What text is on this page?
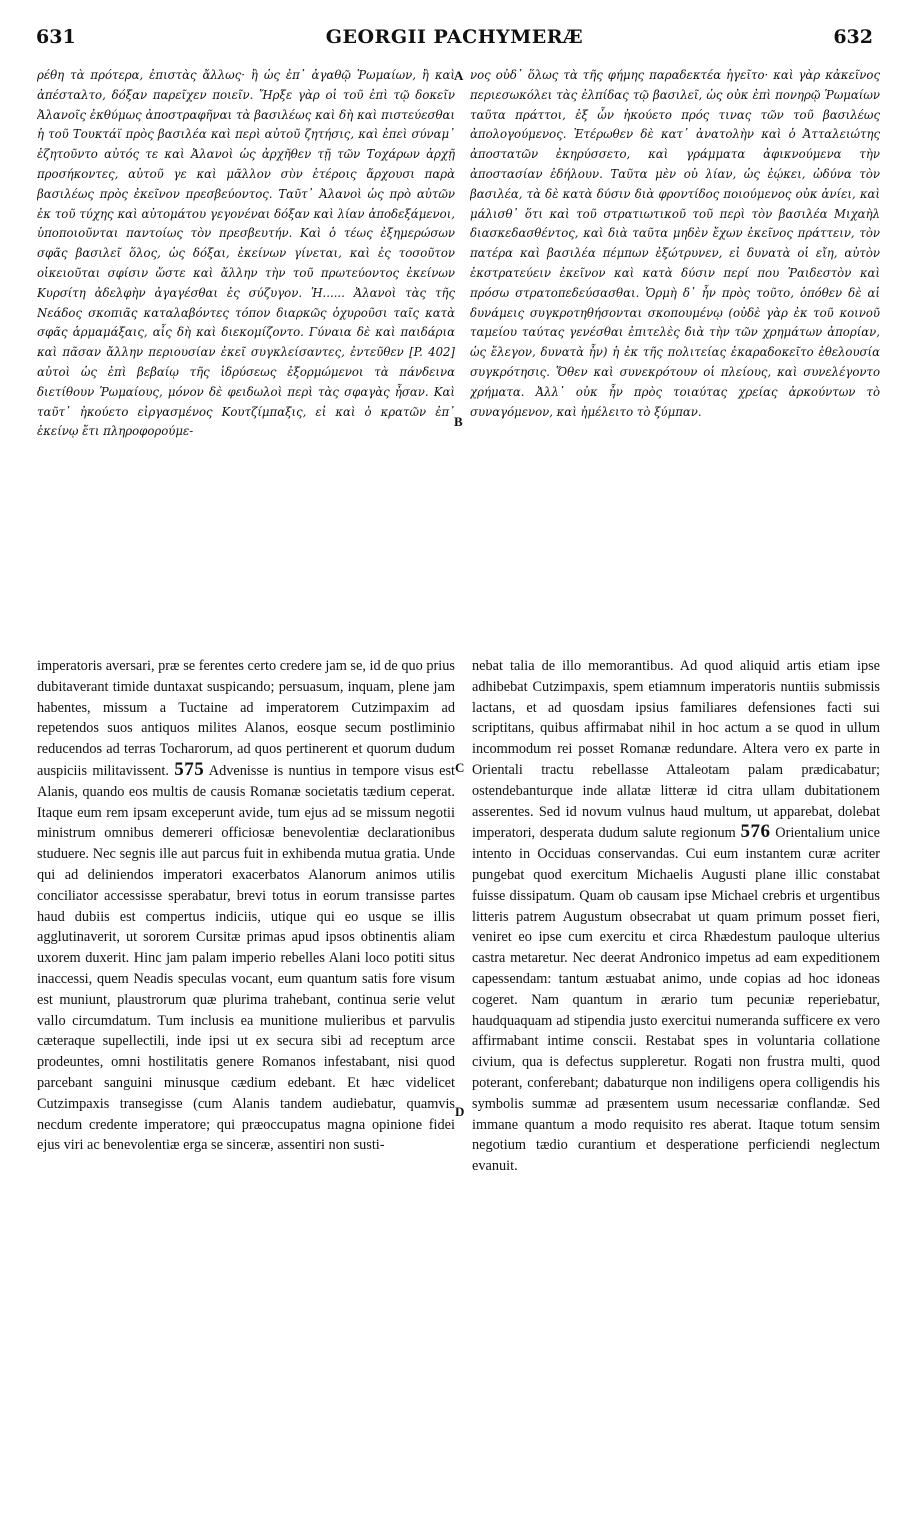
631	GEORGII PACHYMERÆ	632

ρέθη τὰ πρότερα, ἐπιστὰς ἄλλως· ἢ ὡς ἐπ᾽ ἀγαθῷ Ῥωμαίων, ἢ καὶ ἀπέσταλτο, δόξαν παρεῖχεν ποιεῖν. Ἤρξε γὰρ οἱ τοῦ ἐπὶ τῷ δοκεῖν Ἀλανοῖς ἐκθύμως ἀποστραφῆναι τὰ βασιλέως καὶ δὴ καὶ πιστεύεσθαι ἡ τοῦ Τουκτάϊ πρὸς βασιλέα καὶ περὶ αὐτοῦ ζητήσις, καὶ ἐπεὶ σύναμ᾽ ἐζητοῦντο αὐτός τε καὶ Ἀλανοὶ ὡς ἀρχῆθεν τῇ τῶν Τοχάρων ἀρχῇ προσήκοντες, αὐτοῦ γε καὶ μᾶλλον σὺν ἑτέροις ἄρχουσι παρὰ βασιλέως πρὸς ἐκεῖνον πρεσβεύοντος. Ταῦτ᾽ Ἀλανοὶ ὡς πρὸ αὐτῶν ἐκ τοῦ τύχης καὶ αὐτομάτου γεγονέναι δόξαν καὶ λίαν ἀποδεξάμενοι, ὑποποιοῦνται παντοίως τὸν πρεσβευτήν. Καὶ ὁ τέως ἐξημερώσων σφᾶς βασιλεῖ ὅλος, ὡς δόξαι, ἐκείνων γίνεται, καὶ ἐς τοσοῦτον οἰκειοῦται σφίσιν ὥστε καὶ ἄλλην τὴν τοῦ πρωτεύοντος ἐκείνων Κυρσίτη ἀδελφὴν ἀγαγέσθαι ἐς σύζυγον. Ἡ...... Ἀλανοὶ τὰς τῆς Νεάδος σκοπιᾶς καταλαβόντες τόπον διαρκῶς ὀχυροῦσι ταῖς κατὰ σφᾶς ἁρμαμάξαις, αἷς δὴ καὶ διεκομίζοντο. Γύναια δὲ καὶ παιδάρια καὶ πᾶσαν ἄλλην περιουσίαν ἐκεῖ συγκλείσαντες, ἐντεῦθεν [P. 402] αὐτοὶ ὡς ἐπὶ βεβαίῳ τῆς ἱδρύσεως ἐξορμώμενοι τὰ πάνδεινα διετίθουν Ῥωμαίους, μόνον δὲ φειδωλοὶ περὶ τὰς σφαγὰς ἦσαν. Καὶ ταῦτ᾽ ἠκούετο εἰργασμένος Κουτζίμπαξις, εἰ καὶ ὁ κρατῶν ἐπ᾽ ἐκείνῳ ἔτι πληροφορούμε-

A
B

νος οὐδ᾽ ὅλως τὰ τῆς φήμης παραδεκτέα ἡγεῖτο· καὶ γὰρ κἀκεῖνος περιεσωκόλει τὰς ἐλπίδας τῷ βασιλεῖ, ὡς οὐκ ἐπὶ πονηρῷ Ῥωμαίων ταῦτα πράττοι, ἐξ ὧν ἠκούετο πρός τινας τῶν τοῦ βασιλέως ἀπολογούμενος. Ἑτέρωθεν δὲ κατ᾽ ἀνατολὴν καὶ ὁ Ἀτταλειώτης ἀποστατῶν ἐκηρύσσετο, καὶ γράμματα ἀφικνούμενα τὴν ἀποστασίαν ἐδήλουν. Ταῦτα μὲν οὐ λίαν, ὡς ἐῴκει, ὠδύνα τὸν βασιλέα, τὰ δὲ κατὰ δύσιν διὰ φροντίδος ποιούμενος οὐκ ἀνίει, καὶ μάλισθ᾽ ὅτι καὶ τοῦ στρατιωτικοῦ τοῦ περὶ τὸν βασιλέα Μιχαὴλ διασκεδασθέντος, καὶ διὰ ταῦτα μηδὲν ἔχων ἐκεῖνος πράττειν, τὸν πατέρα καὶ βασιλέα πέμπων ἐξώτρυνεν, εἰ δυνατὰ οἱ εἴη, αὐτὸν ἐκστρατεύειν ἐκεῖνον καὶ κατὰ δύσιν περί που Ῥαιδεστὸν καὶ πρόσω στρατοπεδεύσασθαι. Ὁρμὴ δ᾽ ἦν πρὸς τοῦτο, ὁπόθεν δὲ αἱ δυνάμεις συγκροτηθήσονται σκοπουμένῳ (οὐδὲ γὰρ ἐκ τοῦ κοινοῦ ταμείου ταύτας γενέσθαι ἐπιτελὲς διὰ τὴν τῶν χρημάτων ἀπορίαν, ὡς ἔλεγον, δυνατὰ ἦν) ἡ ἐκ τῆς πολιτείας ἐκαραδοκεῖτο ἐθελουσία συγκρότησις. Ὅθεν καὶ συνεκρότουν οἱ πλείους, καὶ συνελέγοντο χρήματα. Ἀλλ᾽ οὐκ ἦν πρὸς τοιαύτας χρείας ἀρκούντων τὸ συναγόμενον, καὶ ἠμέλειτο τὸ ξύμπαν.

imperatoris aversari, præ se ferentes certo credere jam se, id de quo prius dubitaverant timide duntaxat suspicando; persuasum, inquam, plene jam habentes, missum a Tuctaine ad imperatorem Cutzimpaxim ad repetendos suos antiquos milites Alanos, eosque secum postliminio reducendos ad terras Tocharorum, ad quos pertinerent et quorum dudum auspiciis militavissent. 575 Advenisse is nuntius in tempore visus est Alanis, quando eos multis de causis Romanæ societatis tædium ceperat. Itaque eum rem ipsam exceperunt avide, tum ejus ad se missum negotii ministrum omnibus demereri officiosæ benevolentiæ declarationibus studuere. Nec segnis ille aut parcus fuit in exhibenda mutua gratia. Unde qui ad deliniendos imperatori exacerbatos Alanorum animos utilis conciliator accessisse sperabatur, brevi totus in eorum transisse partes haud dubiis est compertus indiciis, utique qui eo usque se illis agglutinaverit, ut sororem Cursitæ primas apud ipsos obtinentis aliam uxorem duxerit. Hinc jam palam imperio rebelles Alani loco potiti situs inaccessi, quem Neadis speculas vocant, eum quantum satis fore visum est muniunt, plaustrorum quæ plurima trahebant, continua serie velut vallo circumdatum. Tum inclusis ea munitione mulieribus et parvulis cæteraque supellectili, inde ipsi ut ex secura sibi ad receptum arce prodeuntes, omni hostilitatis genere Romanos infestabant, nisi quod parcebant sanguini minusque cædium edebant. Et hæc videlicet Cutzimpaxis transegisse (cum Alanis tandem audiebatur, quamvis necdum credente imperatore; qui præoccupatus magna opinione fidei ejus viri ac benevolentiæ erga se sinceræ, assentiri non susti-

C
D

nebat talia de illo memorantibus. Ad quod aliquid artis etiam ipse adhibebat Cutzimpaxis, spem etiamnum imperatoris nuntiis submissis lactans, et ad quosdam ipsius familiares defensiones facti sui scriptitans, quibus affirmabat nihil in hoc actum a se quod in ullum incommodum rei posset Romanæ redundare. Altera vero ex parte in Orientali tractu rebellasse Attaleotam palam prædicabatur; ostendebanturque inde allatæ litteræ id citra ullam dubitationem asserentes. Sed id novum vulnus haud multum, ut apparebat, dolebat imperatori, desperata dudum salute regionum 576 Orientalium unice intento in Occiduas conservandas. Cui eum instantem curæ acriter pungebat quod exercitum Michaelis Augusti plane illic constabat fuisse dissipatum. Quam ob causam ipse Michael crebris et urgentibus litteris patrem Augustum obsecrabat ut quam primum posset fieri, veniret eo ipse cum exercitu et circa Rhædestum pauloque ulterius castra metaretur. Nec deerat Andronico impetus ad eam expeditionem capessendam: tantum æstuabat animo, unde copias ad hoc idoneas cogeret. Nam quantum in ærario tum pecuniæ reperiebatur, haudquaquam ad stipendia justo exercitui numeranda sufficere ex vero affirmabant intime conscii. Restabat spes in voluntaria collatione civium, qua is defectus suppleretur. Rogati non frustra multi, quod poterant, conferebant; dabaturque non indiligens opera colligendis his symbolis summæ ad præsentem usum necessariæ conflandæ. Sed immane quantum a modo requisito res aberat. Itaque totum sensim negotium tædio curantium et desperatione perficiendi neglectum evanuit.
